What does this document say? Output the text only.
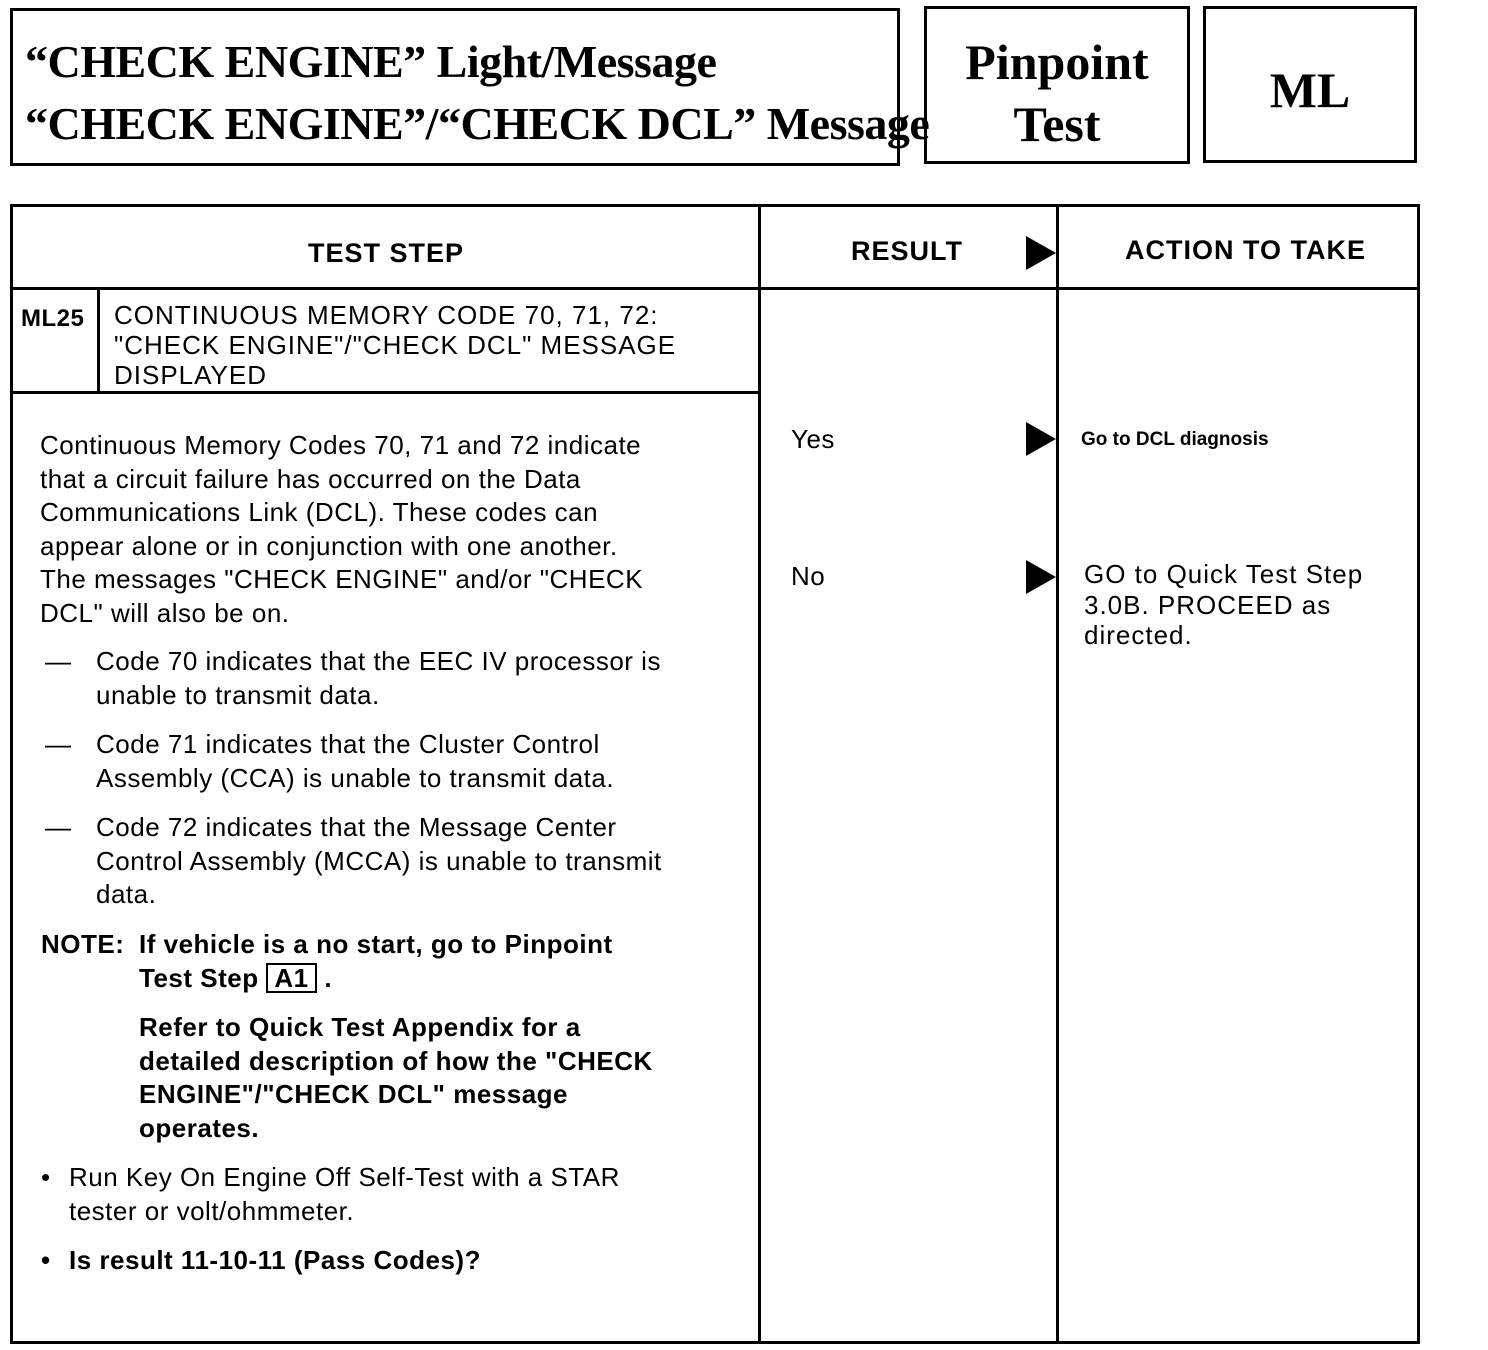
“CHECK ENGINE” Light/Message
“CHECK ENGINE”/“CHECK DCL” Message
Pinpoint
Test
ML
TEST STEP	RESULT	ACTION TO TAKE
ML25 CONTINUOUS MEMORY CODE 70, 71, 72:
"CHECK ENGINE"/"CHECK DCL" MESSAGE
DISPLAYED
Continuous Memory Codes 70, 71 and 72 indicate
that a circuit failure has occurred on the Data
Communications Link (DCL). These codes can
appear alone or in conjunction with one another.
The messages "CHECK ENGINE" and/or "CHECK
DCL" will also be on.
— Code 70 indicates that the EEC IV processor is
unable to transmit data.
— Code 71 indicates that the Cluster Control
Assembly (CCA) is unable to transmit data.
— Code 72 indicates that the Message Center
Control Assembly (MCCA) is unable to transmit
data.
NOTE: If vehicle is a no start, go to Pinpoint
Test Step A1 .
Refer to Quick Test Appendix for a
detailed description of how the "CHECK
ENGINE"/"CHECK DCL" message
operates.
• Run Key On Engine Off Self-Test with a STAR
tester or volt/ohmmeter.
• Is result 11-10-11 (Pass Codes)?
Yes	Go to DCL diagnosis
No	GO to Quick Test Step
3.0B. PROCEED as
directed.
